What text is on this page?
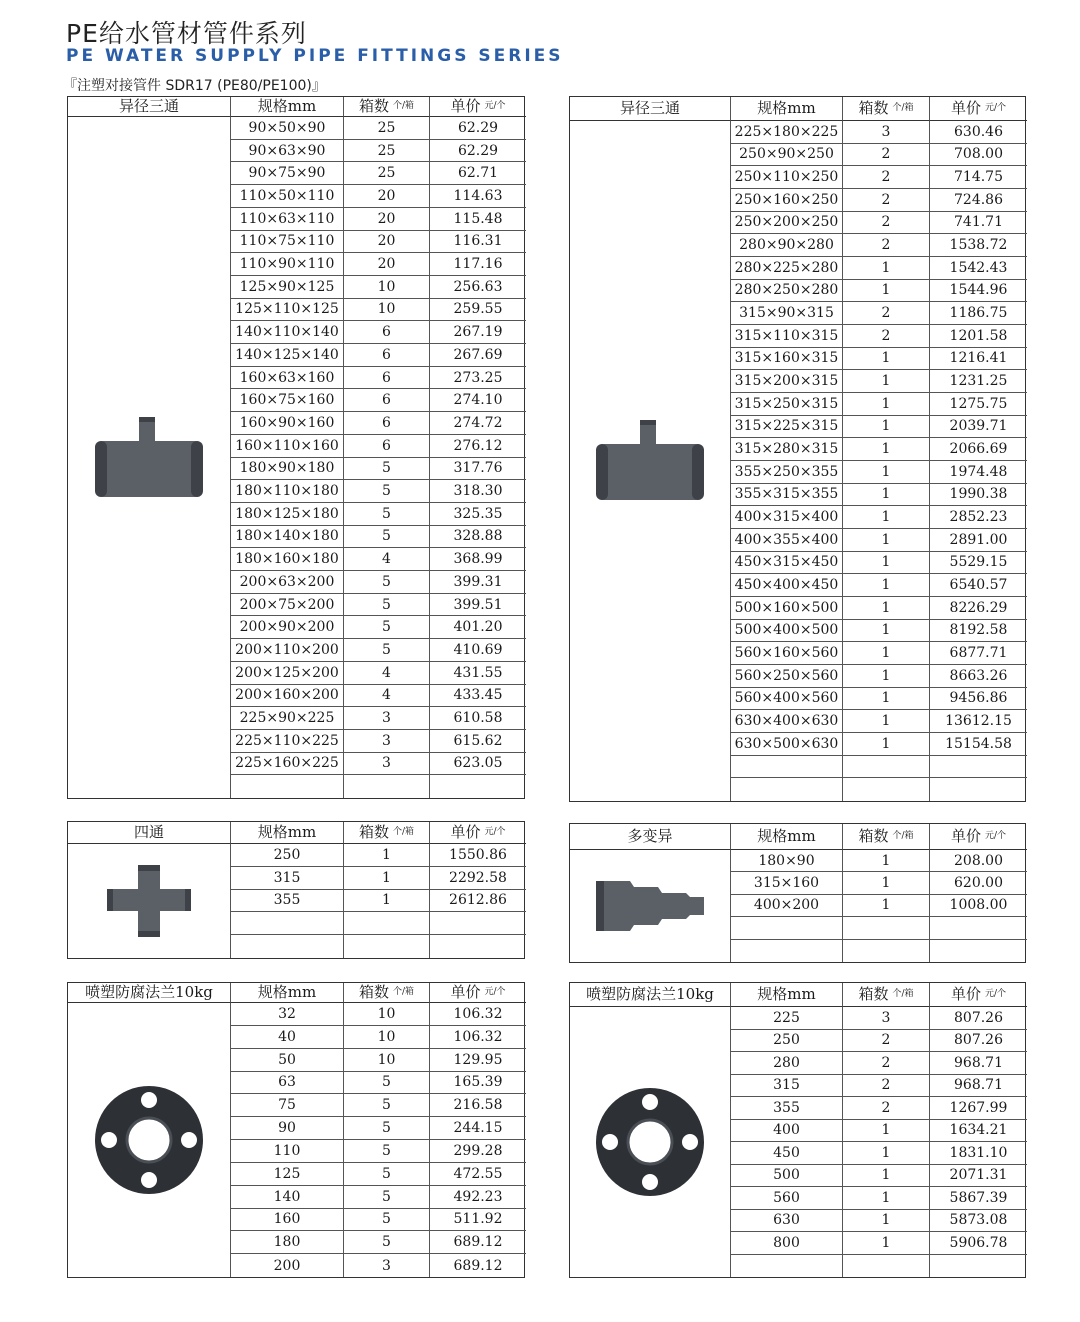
PE给水管材管件系列
PE WATER SUPPLY PIPE FITTINGS SERIES
『注塑对接管件 SDR17 (PE80/PE100)』
异径三通	规格mm	箱数 个/箱 单价 元/个
90×50×90	25	62.29
90×63×90	25	62.29
90×75×90	25	62.71
110×50×110	20	114.63
110×63×110	20	115.48
110×75×110	20	116.31
110×90×110	20	117.16
125×90×125	10	256.63
125×110×125	10	259.55
140×110×140	6	267.19
140×125×140	6	267.69
160×63×160	6	273.25
160×75×160	6	274.10
160×90×160	6	274.72
160×110×160	6	276.12
180×90×180	5	317.76
180×110×180	5	318.30
180×125×180	5	325.35
180×140×180	5	328.88
180×160×180	4	368.99
200×63×200	5	399.31
200×75×200	5	399.51
200×90×200	5	401.20
200×110×200	5	410.69
200×125×200	4	431.55
200×160×200	4	433.45
225×90×225	3	610.58
225×110×225	3	615.62
225×160×225	3	623.05
异径三通	规格mm	箱数 个/箱 单价 元/个
225×180×225	3	630.46
250×90×250	2	708.00
250×110×250	2	714.75
250×160×250	2	724.86
250×200×250	2	741.71
280×90×280	2	1538.72
280×225×280	1	1542.43
280×250×280	1	1544.96
315×90×315	2	1186.75
315×110×315	2	1201.58
315×160×315	1	1216.41
315×200×315	1	1231.25
315×250×315	1	1275.75
315×225×315	1	2039.71
315×280×315	1	2066.69
355×250×355	1	1974.48
355×315×355	1	1990.38
400×315×400	1	2852.23
400×355×400	1	2891.00
450×315×450	1	5529.15
450×400×450	1	6540.57
500×160×500	1	8226.29
500×400×500	1	8192.58
560×160×560	1	6877.71
560×250×560	1	8663.26
560×400×560	1	9456.86
630×400×630	1	13612.15
630×500×630	1	15154.58
四通	规格mm	箱数 个/箱 单价 元/个
250	1	1550.86
315	1	2292.58
355	1	2612.86
多变异	规格mm	箱数 个/箱 单价 元/个
180×90	1	208.00
315×160	1	620.00
400×200	1	1008.00
喷塑防腐法兰10kg	规格mm	箱数 个/箱 单价 元/个
32	10	106.32
40	10	106.32
50	10	129.95
63	5	165.39
75	5	216.58
90	5	244.15
110	5	299.28
125	5	472.55
140	5	492.23
160	5	511.92
180	5	689.12
200	3	689.12
喷塑防腐法兰10kg	规格mm	箱数 个/箱 单价 元/个
225	3	807.26
250	2	807.26
280	2	968.71
315	2	968.71
355	2	1267.99
400	1	1634.21
450	1	1831.10
500	1	2071.31
560	1	5867.39
630	1	5873.08
800	1	5906.78
